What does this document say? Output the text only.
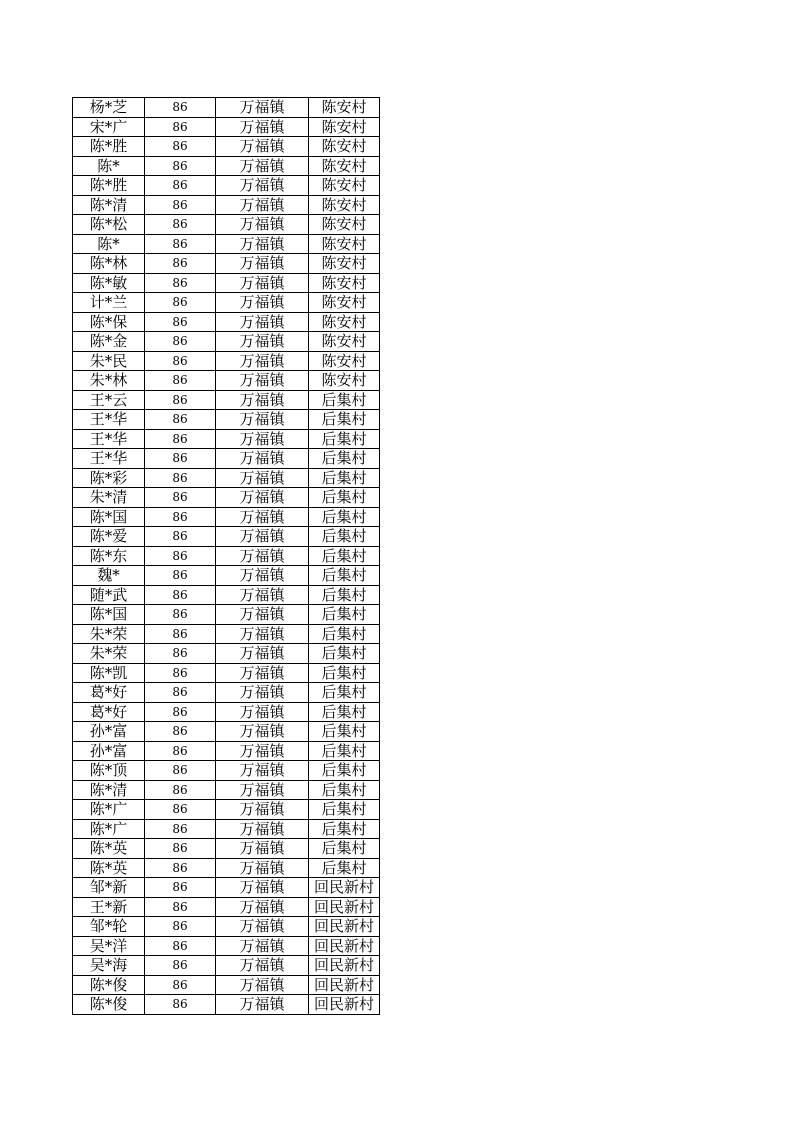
杨*芝	86	万福镇	陈安村
宋*广	86	万福镇	陈安村
陈*胜	86	万福镇	陈安村
陈*	86	万福镇	陈安村
陈*胜	86	万福镇	陈安村
陈*清	86	万福镇	陈安村
陈*松	86	万福镇	陈安村
陈*	86	万福镇	陈安村
陈*林	86	万福镇	陈安村
陈*敏	86	万福镇	陈安村
计*兰	86	万福镇	陈安村
陈*保	86	万福镇	陈安村
陈*金	86	万福镇	陈安村
朱*民	86	万福镇	陈安村
朱*林	86	万福镇	陈安村
王*云	86	万福镇	后集村
王*华	86	万福镇	后集村
王*华	86	万福镇	后集村
王*华	86	万福镇	后集村
陈*彩	86	万福镇	后集村
朱*清	86	万福镇	后集村
陈*国	86	万福镇	后集村
陈*爱	86	万福镇	后集村
陈*东	86	万福镇	后集村
魏*	86	万福镇	后集村
随*武	86	万福镇	后集村
陈*国	86	万福镇	后集村
朱*荣	86	万福镇	后集村
朱*荣	86	万福镇	后集村
陈*凯	86	万福镇	后集村
葛*好	86	万福镇	后集村
葛*好	86	万福镇	后集村
孙*富	86	万福镇	后集村
孙*富	86	万福镇	后集村
陈*顶	86	万福镇	后集村
陈*清	86	万福镇	后集村
陈*广	86	万福镇	后集村
陈*广	86	万福镇	后集村
陈*英	86	万福镇	后集村
陈*英	86	万福镇	后集村
邹*新	86	万福镇	回民新村
王*新	86	万福镇	回民新村
邹*轮	86	万福镇	回民新村
吴*洋	86	万福镇	回民新村
吴*海	86	万福镇	回民新村
陈*俊	86	万福镇	回民新村
陈*俊	86	万福镇	回民新村
